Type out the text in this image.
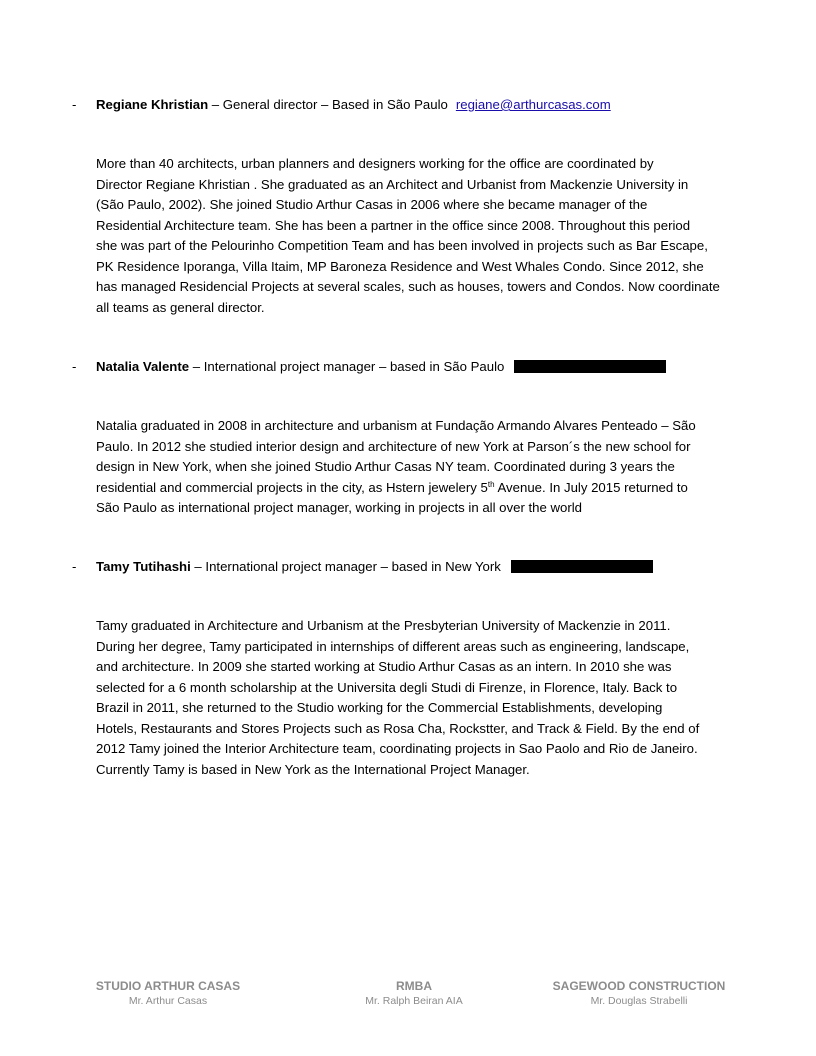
- Regiane Khristian – General director – Based in São Paulo regiane@arthurcasas.com
More than 40 architects, urban planners and designers working for the office are coordinated by
Director Regiane Khristian . She graduated as an Architect and Urbanist from Mackenzie University in
(São Paulo, 2002). She joined Studio Arthur Casas in 2006 where she became manager of the
Residential Architecture team. She has been a partner in the office since 2008. Throughout this period
she was part of the Pelourinho Competition Team and has been involved in projects such as Bar Escape,
PK Residence Iporanga, Villa Itaim, MP Baroneza Residence and West Whales Condo. Since 2012, she
has managed Residencial Projects at several scales, such as houses, towers and Condos. Now coordinate
all teams as general director.
- Natalia Valente – International project manager – based in São Paulo
Natalia graduated in 2008 in architecture and urbanism at Fundação Armando Alvares Penteado – São
Paulo. In 2012 she studied interior design and architecture of new York at Parson´s the new school for
design in New York, when she joined Studio Arthur Casas NY team. Coordinated during 3 years the
residential and commercial projects in the city, as Hstern jewelery 5th Avenue. In July 2015 returned to
São Paulo as international project manager, working in projects in all over the world
- Tamy Tutihashi – International project manager – based in New York
Tamy graduated in Architecture and Urbanism at the Presbyterian University of Mackenzie in 2011.
During her degree, Tamy participated in internships of different areas such as engineering, landscape,
and architecture. In 2009 she started working at Studio Arthur Casas as an intern. In 2010 she was
selected for a 6 month scholarship at the Universita degli Studi di Firenze, in Florence, Italy. Back to
Brazil in 2011, she returned to the Studio working for the Commercial Establishments, developing
Hotels, Restaurants and Stores Projects such as Rosa Cha, Rockstter, and Track & Field. By the end of
2012 Tamy joined the Interior Architecture team, coordinating projects in Sao Paolo and Rio de Janeiro.
Currently Tamy is based in New York as the International Project Manager.
STUDIO ARTHUR CASAS
Mr. Arthur Casas
RMBA
Mr. Ralph Beiran AIA
SAGEWOOD CONSTRUCTION
Mr. Douglas Strabelli
